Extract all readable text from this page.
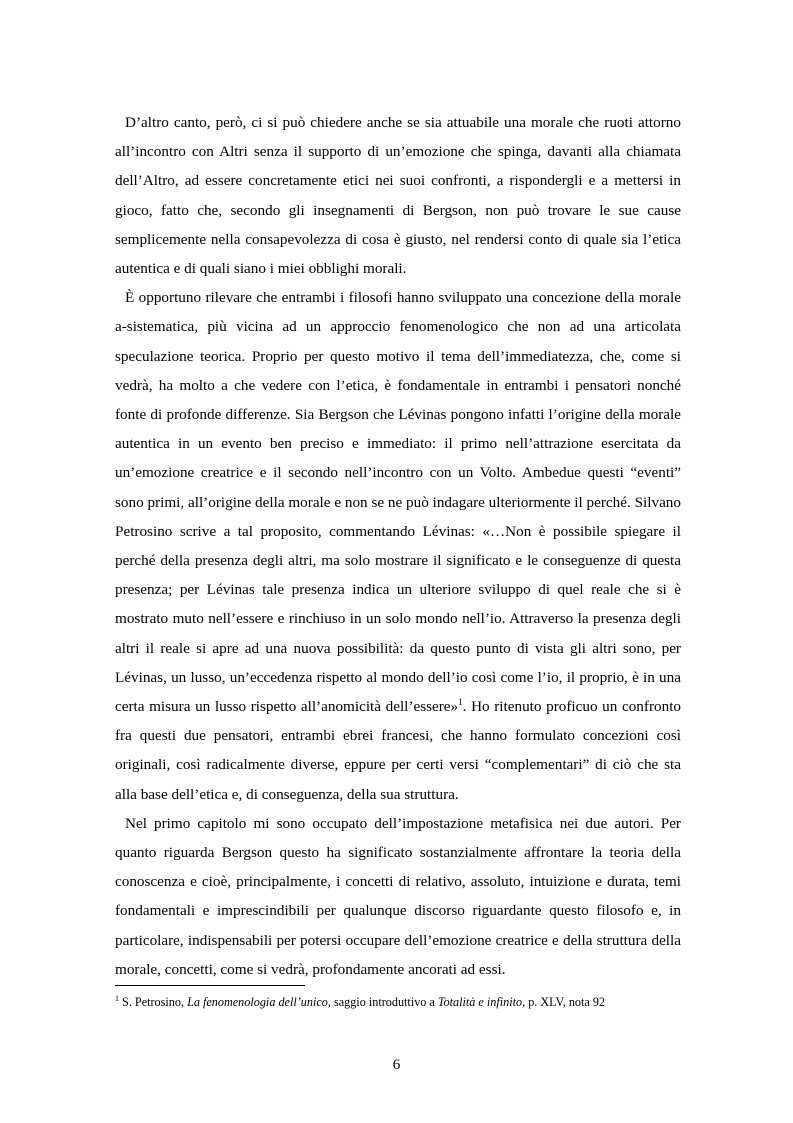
D’altro canto, però, ci si può chiedere anche se sia attuabile una morale che ruoti attorno all’incontro con Altri senza il supporto di un’emozione che spinga, davanti alla chiamata dell’Altro, ad essere concretamente etici nei suoi confronti, a rispondergli e a mettersi in gioco, fatto che, secondo gli insegnamenti di Bergson, non può trovare le sue cause semplicemente nella consapevolezza di cosa è giusto, nel rendersi conto di quale sia l’etica autentica e di quali siano i miei obblighi morali.

È opportuno rilevare che entrambi i filosofi hanno sviluppato una concezione della morale a-sistematica, più vicina ad un approccio fenomenologico che non ad una articolata speculazione teorica. Proprio per questo motivo il tema dell’immediatezza, che, come si vedrà, ha molto a che vedere con l’etica, è fondamentale in entrambi i pensatori nonché fonte di profonde differenze. Sia Bergson che Lévinas pongono infatti l’origine della morale autentica in un evento ben preciso e immediato: il primo nell’attrazione esercitata da un’emozione creatrice e il secondo nell’incontro con un Volto. Ambedue questi “eventi” sono primi, all’origine della morale e non se ne può indagare ulteriormente il perché. Silvano Petrosino scrive a tal proposito, commentando Lévinas: «…Non è possibile spiegare il perché della presenza degli altri, ma solo mostrare il significato e le conseguenze di questa presenza; per Lévinas tale presenza indica un ulteriore sviluppo di quel reale che si è mostrato muto nell’essere e rinchiuso in un solo mondo nell’io. Attraverso la presenza degli altri il reale si apre ad una nuova possibilità: da questo punto di vista gli altri sono, per Lévinas, un lusso, un’eccedenza rispetto al mondo dell’io così come l’io, il proprio, è in una certa misura un lusso rispetto all’anomicità dell’essere»$^1$. Ho ritenuto proficuo un confronto fra questi due pensatori, entrambi ebrei francesi, che hanno formulato concezioni così originali, così radicalmente diverse, eppure per certi versi “complementari” di ciò che sta alla base dell’etica e, di conseguenza, della sua struttura.

Nel primo capitolo mi sono occupato dell’impostazione metafisica nei due autori. Per quanto riguarda Bergson questo ha significato sostanzialmente affrontare la teoria della conoscenza e cioè, principalmente, i concetti di relativo, assoluto, intuizione e durata, temi fondamentali e imprescindibili per qualunque discorso riguardante questo filosofo e, in particolare, indispensabili per potersi occupare dell’emozione creatrice e della struttura della morale, concetti, come si vedrà, profondamente ancorati ad essi.

$^1$ S. Petrosino, La fenomenologia dell’unico, saggio introduttivo a Totalità e infinito, p. XLV, nota 92
6
